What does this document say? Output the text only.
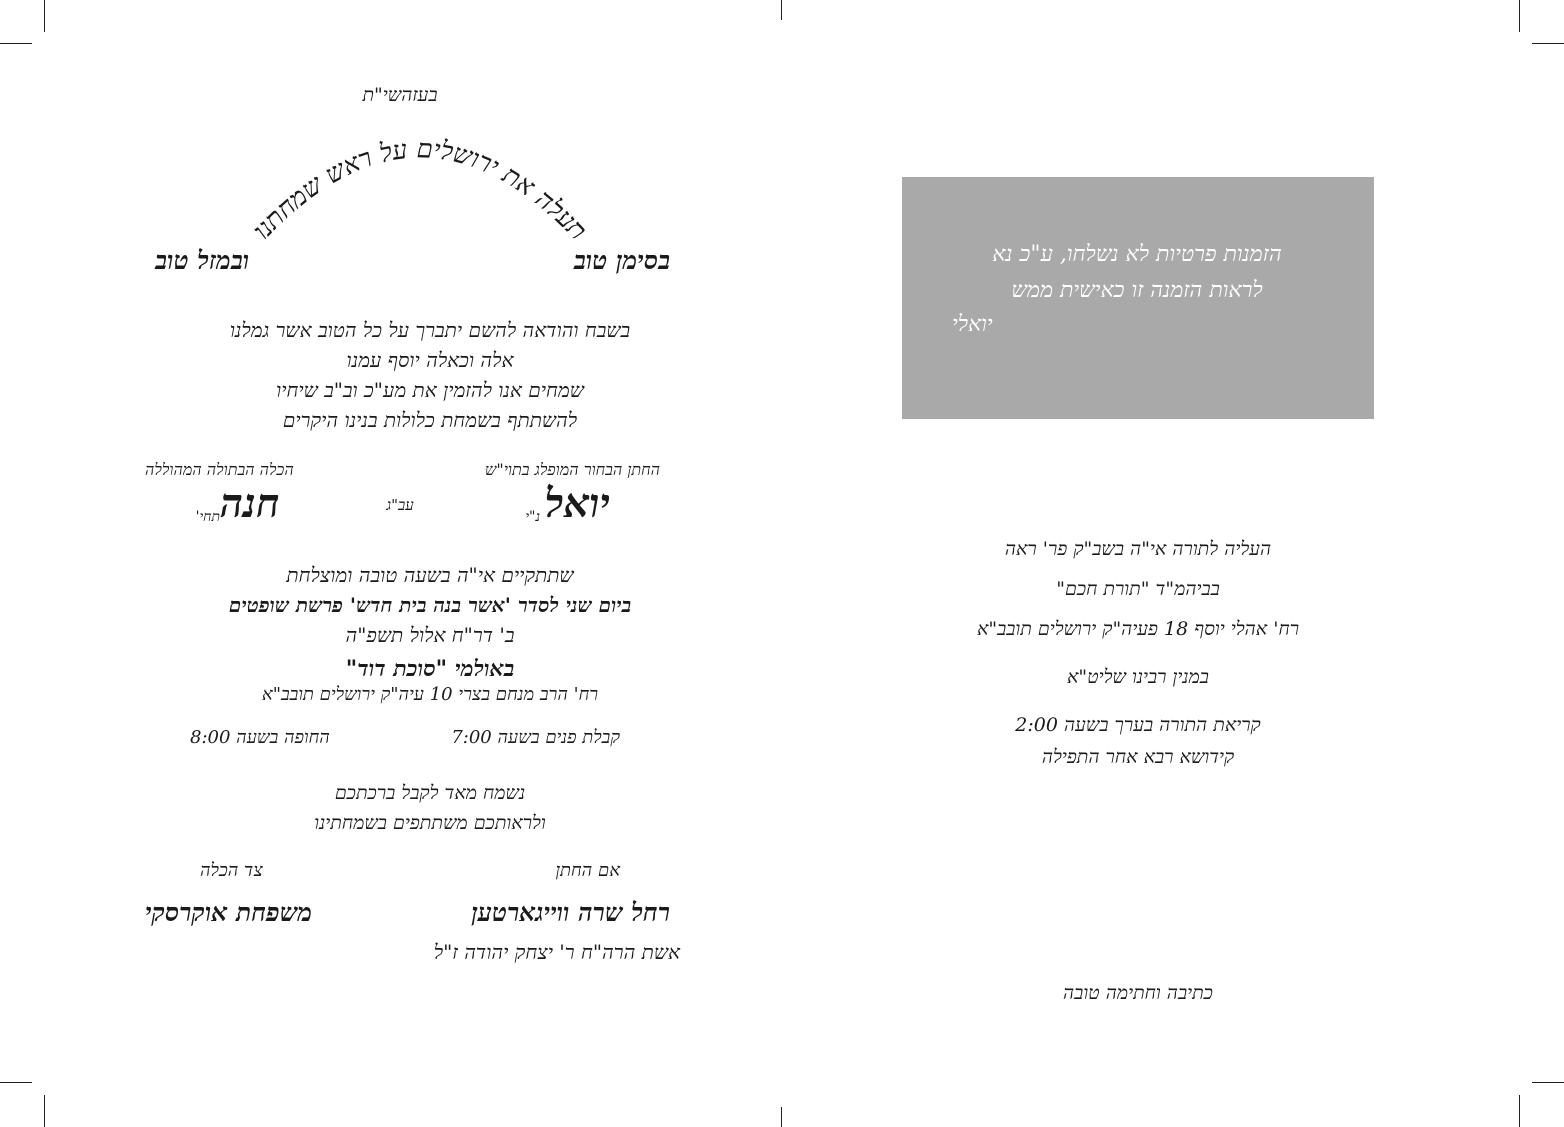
בעזהשי"ת
תעלה את ירושלים על ראש שמחתנו
בסימן טוב
ובמזל טוב
בשבח והודאה להשם יתברך על כל הטוב אשר גמלנו
אלה וכאלה יוסף עמנו
שמחים אנו להזמין את מע"כ וב"ב שיחיו
להשתתף בשמחת כלולות בנינו היקרים
החתן הבחור המופלג בתוי"ש
הכלה הבתולה המהוללה
יואל
נ"י
עב"ג
חנה
תחי'
שתתקיים אי"ה בשעה טובה ומוצלחת
ביום שני לסדר 'אשר בנה בית חדש' פרשת שופטים
ב' דר"ח אלול תשפ"ה
באולמי "סוכת דוד"
רח' הרב מנחם בצרי 10 עיה"ק ירושלים תובב"א
קבלת פנים בשעה 7:00
החופה בשעה 8:00
נשמח מאד לקבל ברכתכם
ולראותכם משתתפים בשמחתינו
אם החתן
צד הכלה
רחל שרה ווייגארטען
משפחת אוקרסקי
אשת הרה"ח ר' יצחק יהודה ז"ל
הזמנות פרטיות לא נשלחו, ע"כ נא
לראות הזמנה זו כאישית ממש
יואלי
העליה לתורה אי"ה בשב"ק פר' ראה
בביהמ"ד "תורת חכם"
רח' אהלי יוסף 18 פעיה"ק ירושלים תובב"א
במנין רבינו שליט"א
קריאת התורה בערך בשעה 2:00
קידושא רבא אחר התפילה
כתיבה וחתימה טובה
